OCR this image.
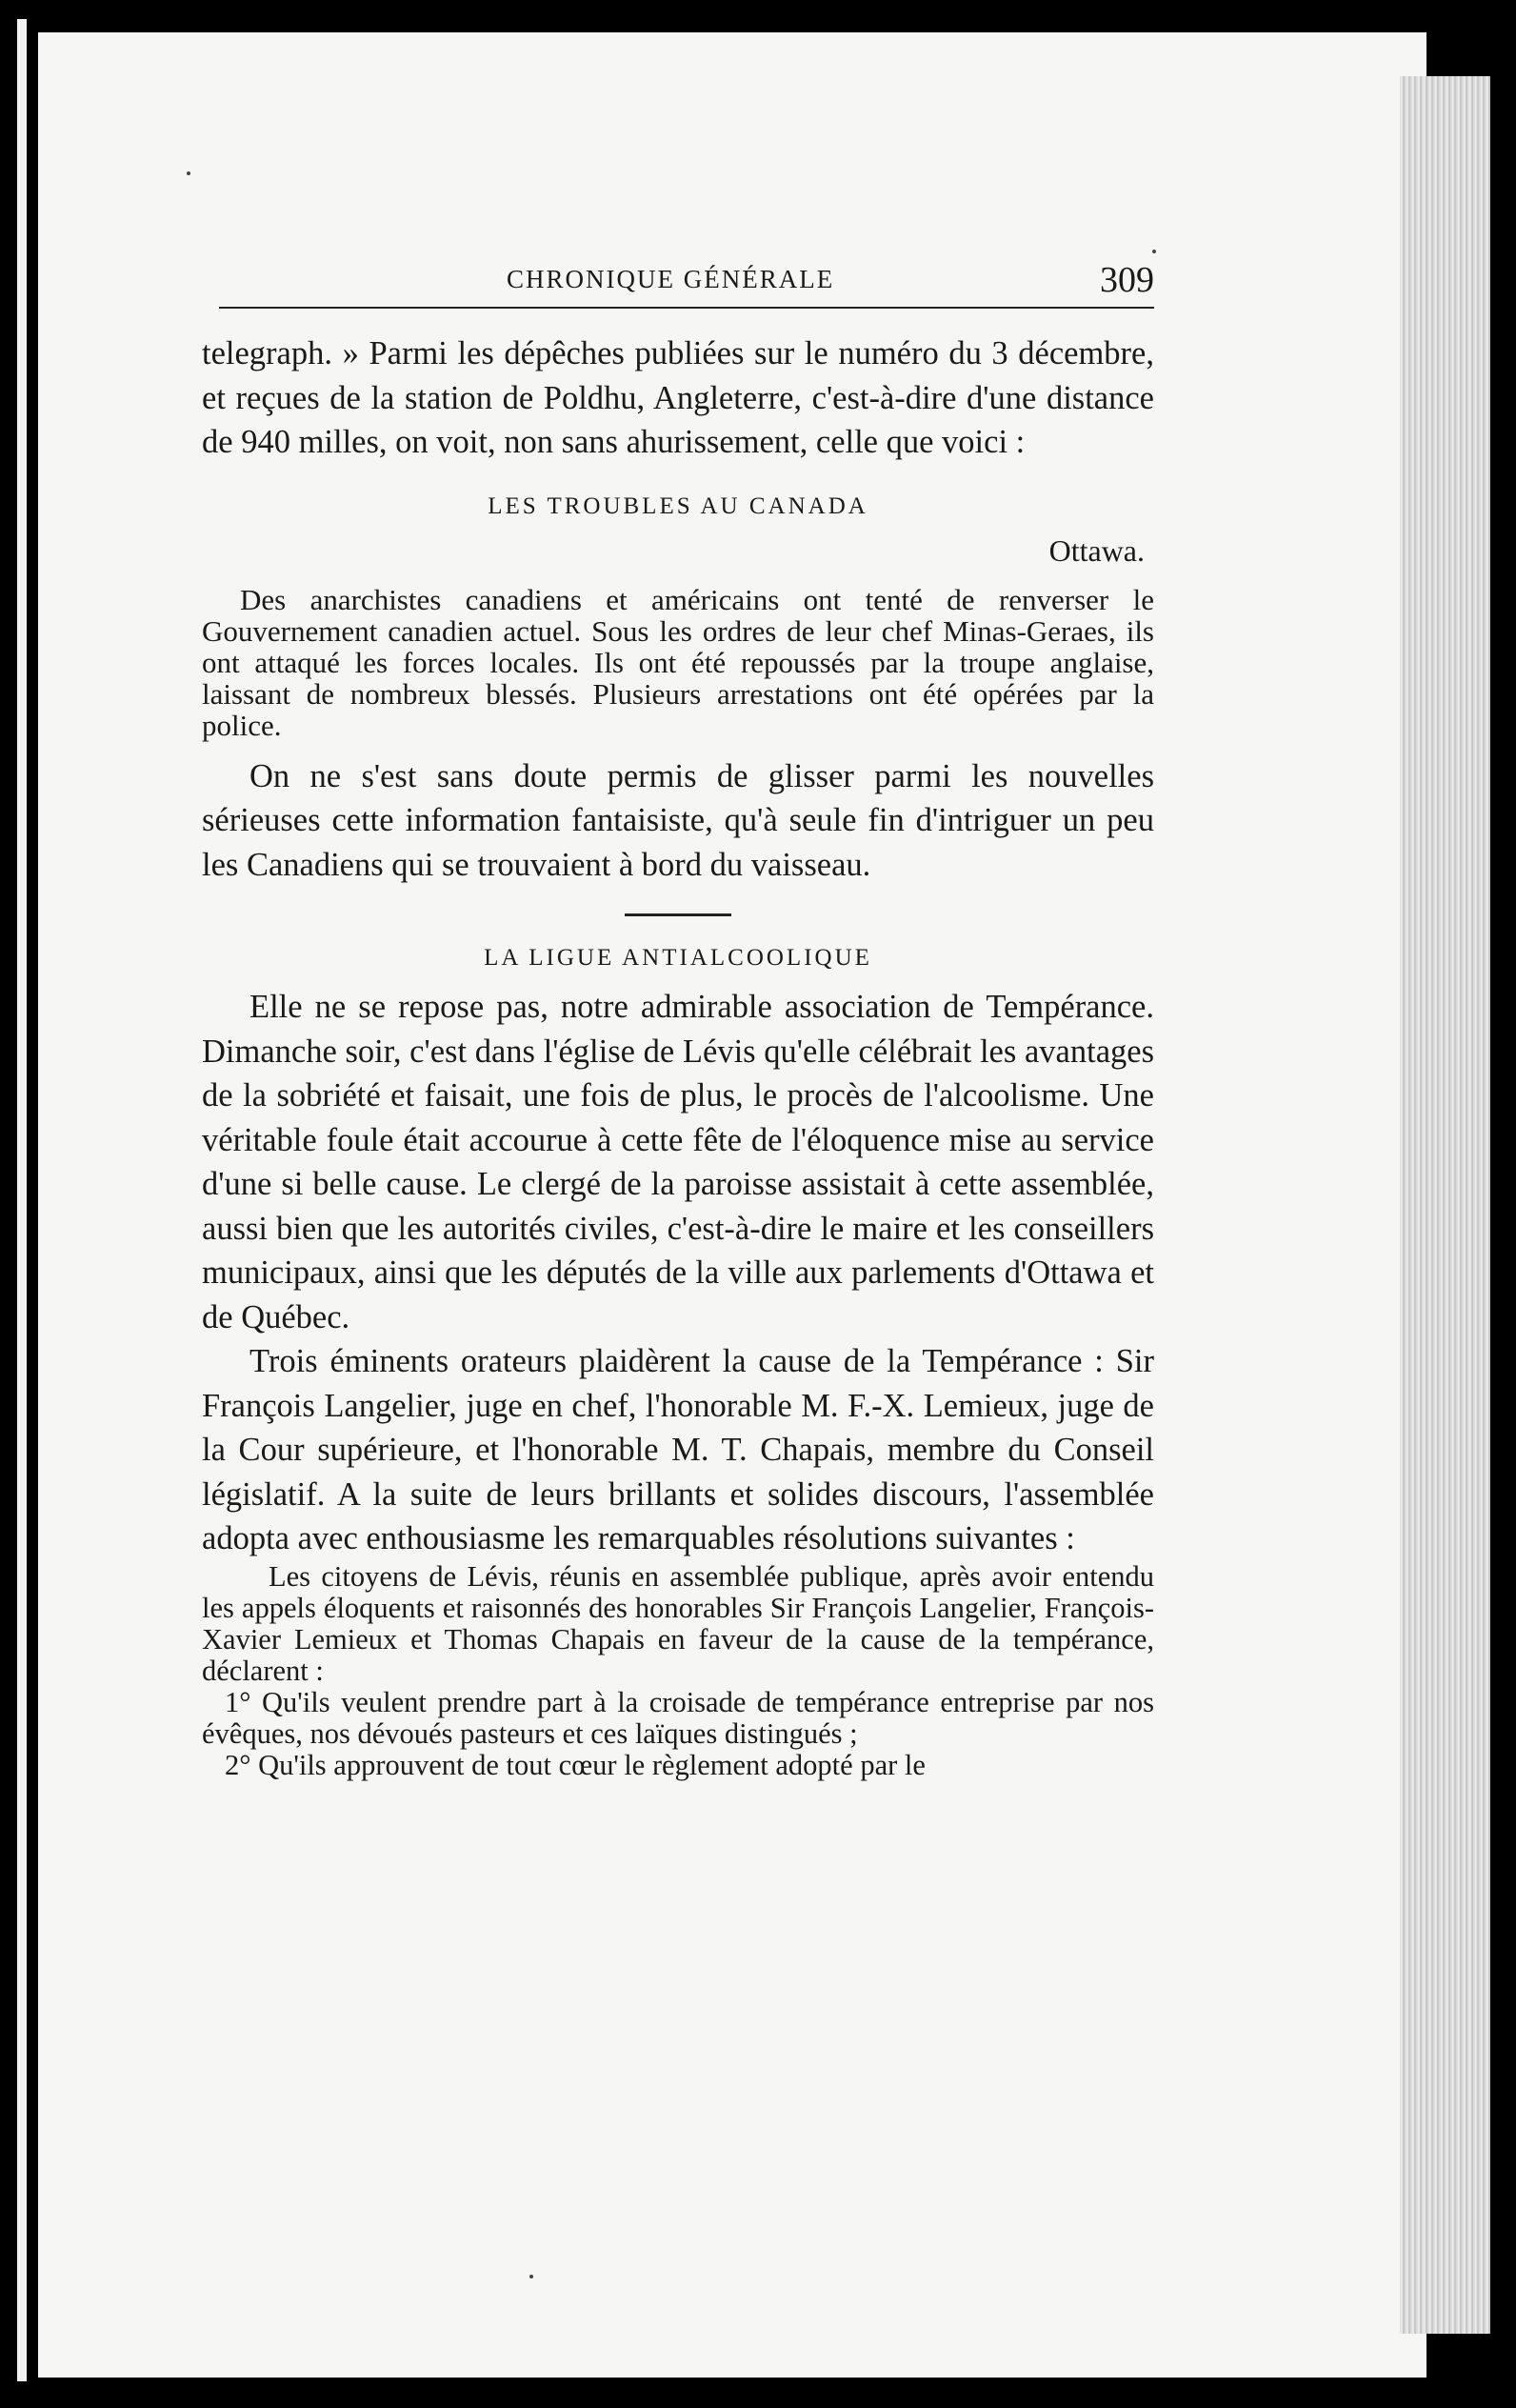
CHRONIQUE GÉNÉRALE	309

telegraph. » Parmi les dépêches publiées sur le numéro du 3 décembre, et reçues de la station de Poldhu, Angleterre, c'est-à-dire d'une distance de 940 milles, on voit, non sans ahurissement, celle que voici :

LES TROUBLES AU CANADA
Ottawa.

Des anarchistes canadiens et américains ont tenté de renverser le Gouvernement canadien actuel. Sous les ordres de leur chef Minas-Geraes, ils ont attaqué les forces locales. Ils ont été repoussés par la troupe anglaise, laissant de nombreux blessés. Plusieurs arrestations ont été opérées par la police.

On ne s'est sans doute permis de glisser parmi les nouvelles sérieuses cette information fantaisiste, qu'à seule fin d'intriguer un peu les Canadiens qui se trouvaient à bord du vaisseau.

LA LIGUE ANTIALCOOLIQUE

Elle ne se repose pas, notre admirable association de Tempérance. Dimanche soir, c'est dans l'église de Lévis qu'elle célébrait les avantages de la sobriété et faisait, une fois de plus, le procès de l'alcoolisme. Une véritable foule était accourue à cette fête de l'éloquence mise au service d'une si belle cause. Le clergé de la paroisse assistait à cette assemblée, aussi bien que les autorités civiles, c'est-à-dire le maire et les conseillers municipaux, ainsi que les députés de la ville aux parlements d'Ottawa et de Québec.

Trois éminents orateurs plaidèrent la cause de la Tempérance : Sir François Langelier, juge en chef, l'honorable M. F.-X. Lemieux, juge de la Cour supérieure, et l'honorable M. T. Chapais, membre du Conseil législatif. A la suite de leurs brillants et solides discours, l'assemblée adopta avec enthousiasme les remarquables résolutions suivantes :

Les citoyens de Lévis, réunis en assemblée publique, après avoir entendu les appels éloquents et raisonnés des honorables Sir François Langelier, François-Xavier Lemieux et Thomas Chapais en faveur de la cause de la tempérance, déclarent :

1° Qu'ils veulent prendre part à la croisade de tempérance entreprise par nos évêques, nos dévoués pasteurs et ces laïques distingués ;

2° Qu'ils approuvent de tout cœur le règlement adopté par le
